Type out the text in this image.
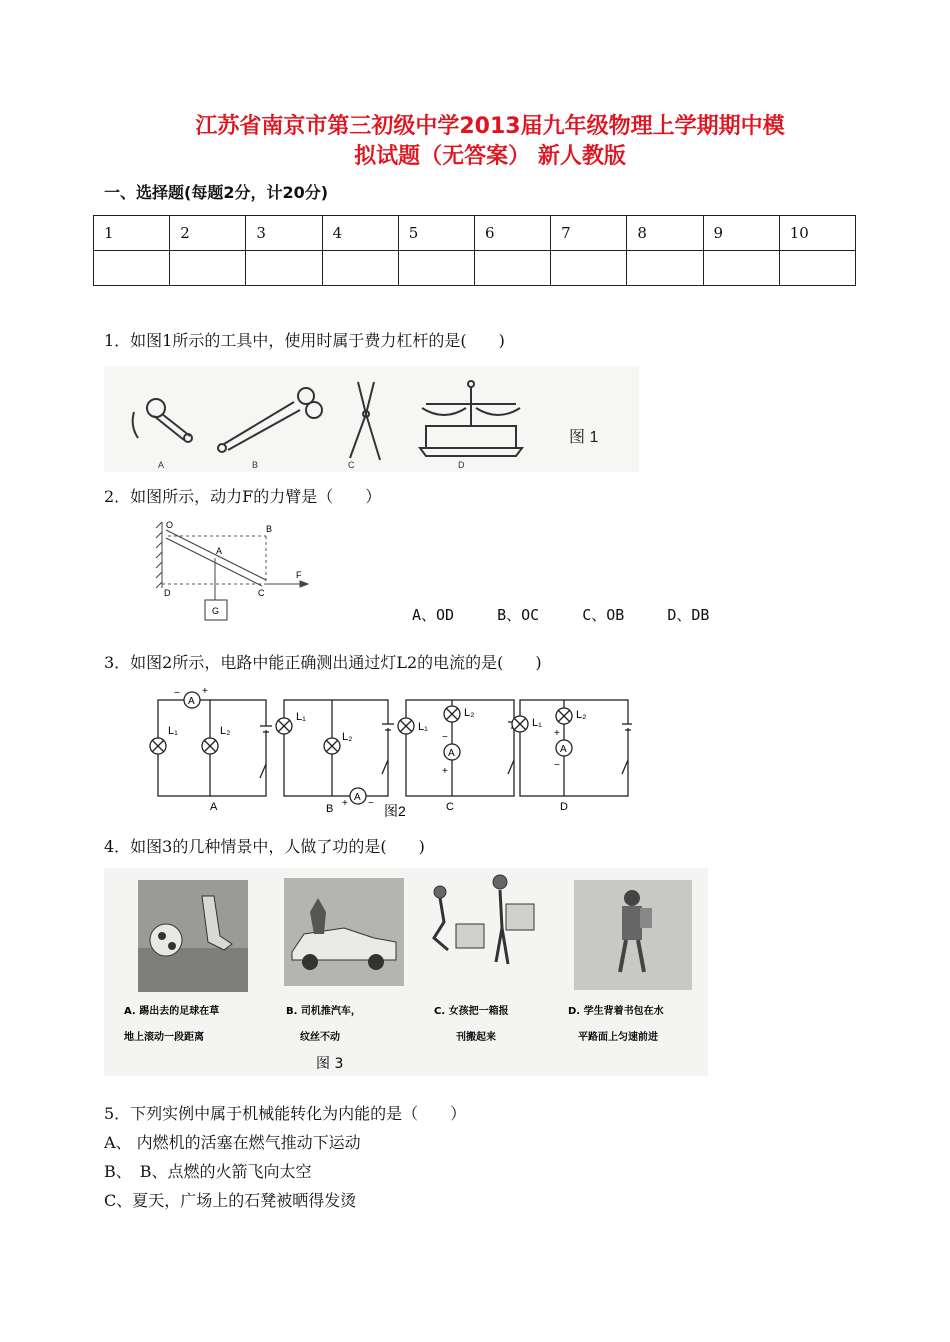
江苏省南京市第三初级中学2013届九年级物理上学期期中模
拟试题（无答案） 新人教版
一、选择题(每题2分，计20分)
1	2	3	4	5	6	7	8	9	10

1．如图1所示的工具中，使用时属于费力杠杆的是(　　)
A	B	C	D
图 1
2．如图所示，动力F的力臂是（　　）
O	B
A
C
D
F
G	A、OD	B、OC	C、OB	D、DB
3．如图2所示，电路中能正确测出通过灯L2的电流的是(　　)
A
− +
L₁	L₂
A
L₁
L₂
A
+ −
B
L₁
L₂
A
−
+
C
L₁
L₂
A
+
−
D
图2
4．如图3的几种情景中，人做了功的是(　　)
A. 踢出去的足球在草
地上滚动一段距离
B. 司机推汽车，
纹丝不动
C. 女孩把一箱报
刊搬起来
D. 学生背着书包在水
平路面上匀速前进
图 3
5．下列实例中属于机械能转化为内能的是（　　）
A、 内燃机的活塞在燃气推动下运动
B、　B、点燃的火箭飞向太空
C、夏天，广场上的石凳被晒得发烫
